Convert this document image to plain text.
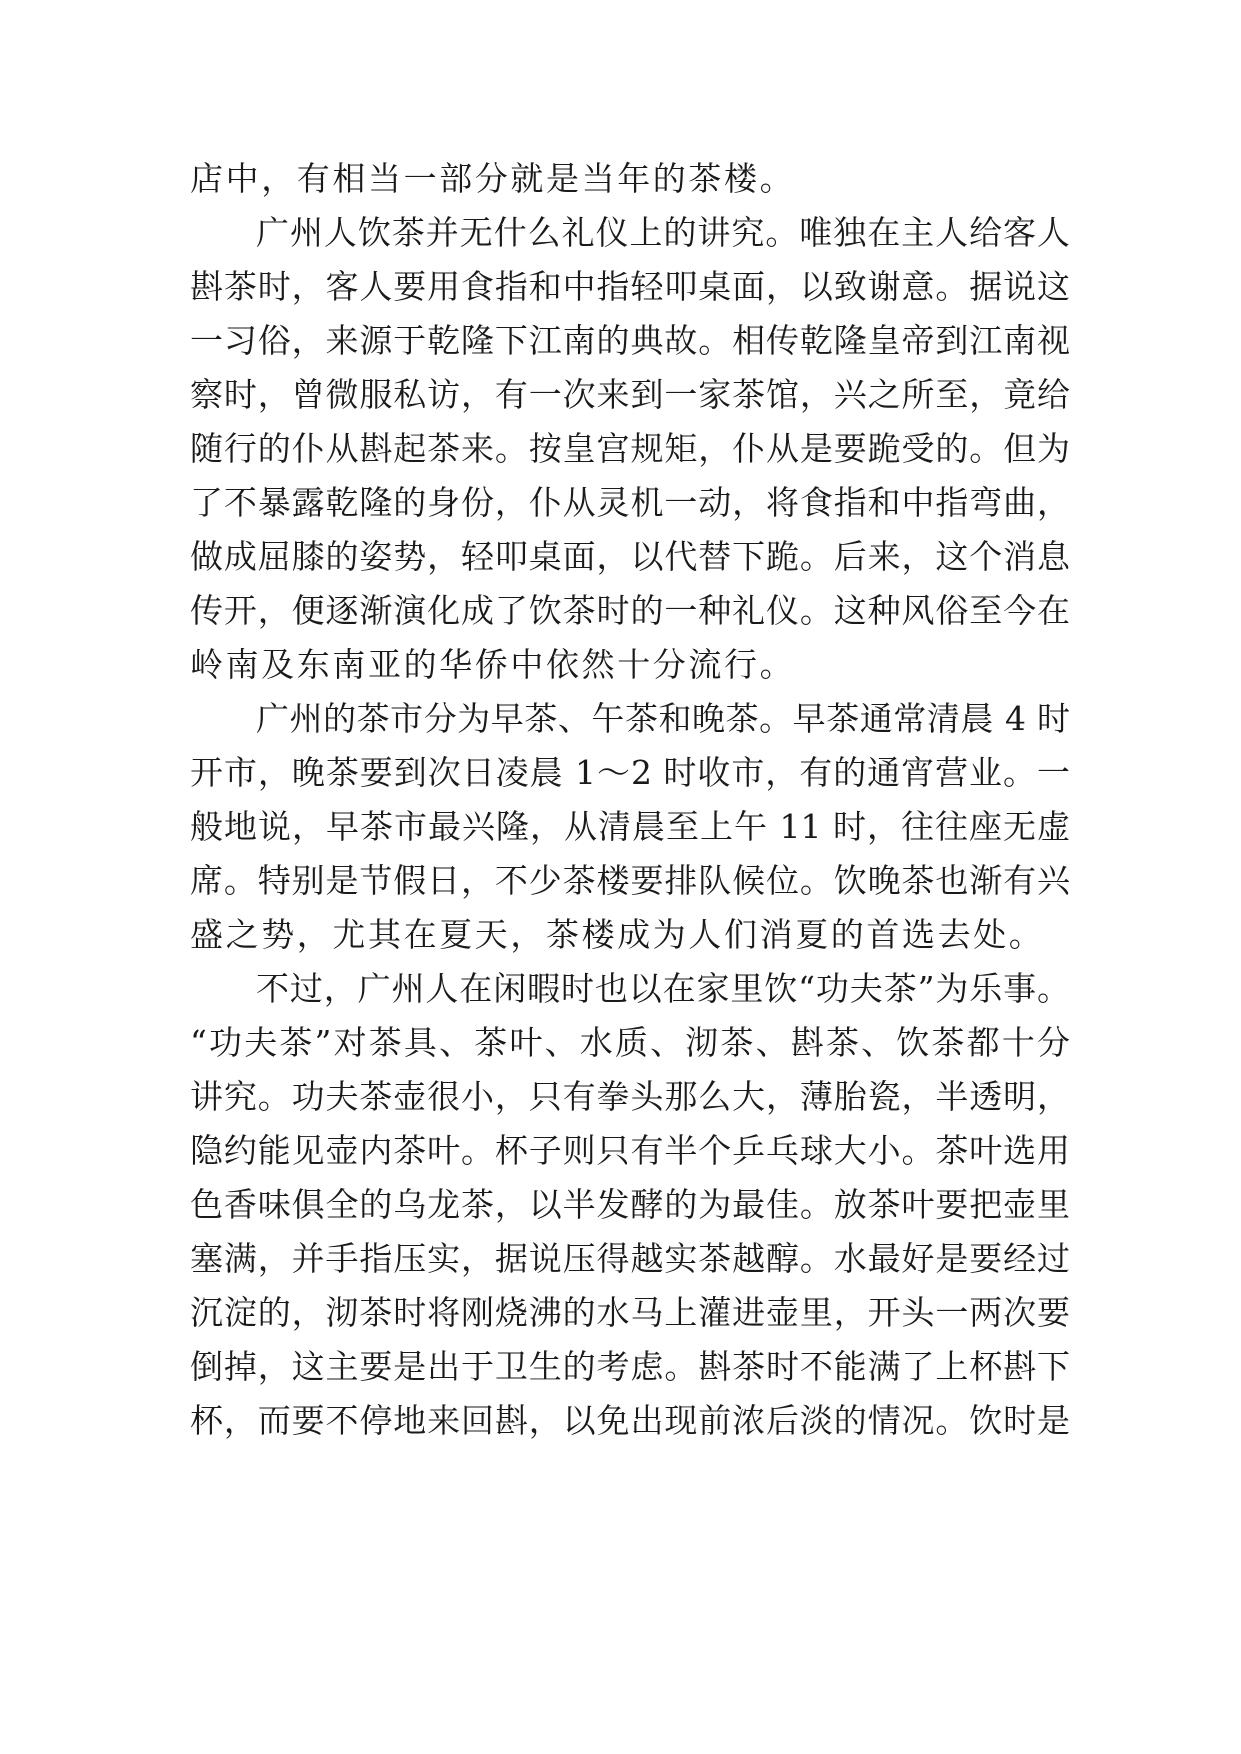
店中，有相当一部分就是当年的茶楼。
广州人饮茶并无什么礼仪上的讲究。唯独在主人给客人
斟茶时，客人要用食指和中指轻叩桌面，以致谢意。据说这
一习俗，来源于乾隆下江南的典故。相传乾隆皇帝到江南视
察时，曾微服私访，有一次来到一家茶馆，兴之所至，竟给
随行的仆从斟起茶来。按皇宫规矩，仆从是要跪受的。但为
了不暴露乾隆的身份，仆从灵机一动，将食指和中指弯曲，
做成屈膝的姿势，轻叩桌面，以代替下跪。后来，这个消息
传开，便逐渐演化成了饮茶时的一种礼仪。这种风俗至今在
岭南及东南亚的华侨中依然十分流行。
广州的茶市分为早茶、午茶和晚茶。早茶通常清晨 4 时
开市，晚茶要到次日凌晨 1～2 时收市，有的通宵营业。一
般地说，早茶市最兴隆，从清晨至上午 11 时，往往座无虚
席。特别是节假日，不少茶楼要排队候位。饮晚茶也渐有兴
盛之势，尤其在夏天，茶楼成为人们消夏的首选去处。
不过，广州人在闲暇时也以在家里饮“功夫茶”为乐事。
“功夫茶”对茶具、茶叶、水质、沏茶、斟茶、饮茶都十分
讲究。功夫茶壶很小，只有拳头那么大，薄胎瓷，半透明，
隐约能见壶内茶叶。杯子则只有半个乒乓球大小。茶叶选用
色香味俱全的乌龙茶，以半发酵的为最佳。放茶叶要把壶里
塞满，并手指压实，据说压得越实茶越醇。水最好是要经过
沉淀的，沏茶时将刚烧沸的水马上灌进壶里，开头一两次要
倒掉，这主要是出于卫生的考虑。斟茶时不能满了上杯斟下
杯，而要不停地来回斟，以免出现前浓后淡的情况。饮时是
